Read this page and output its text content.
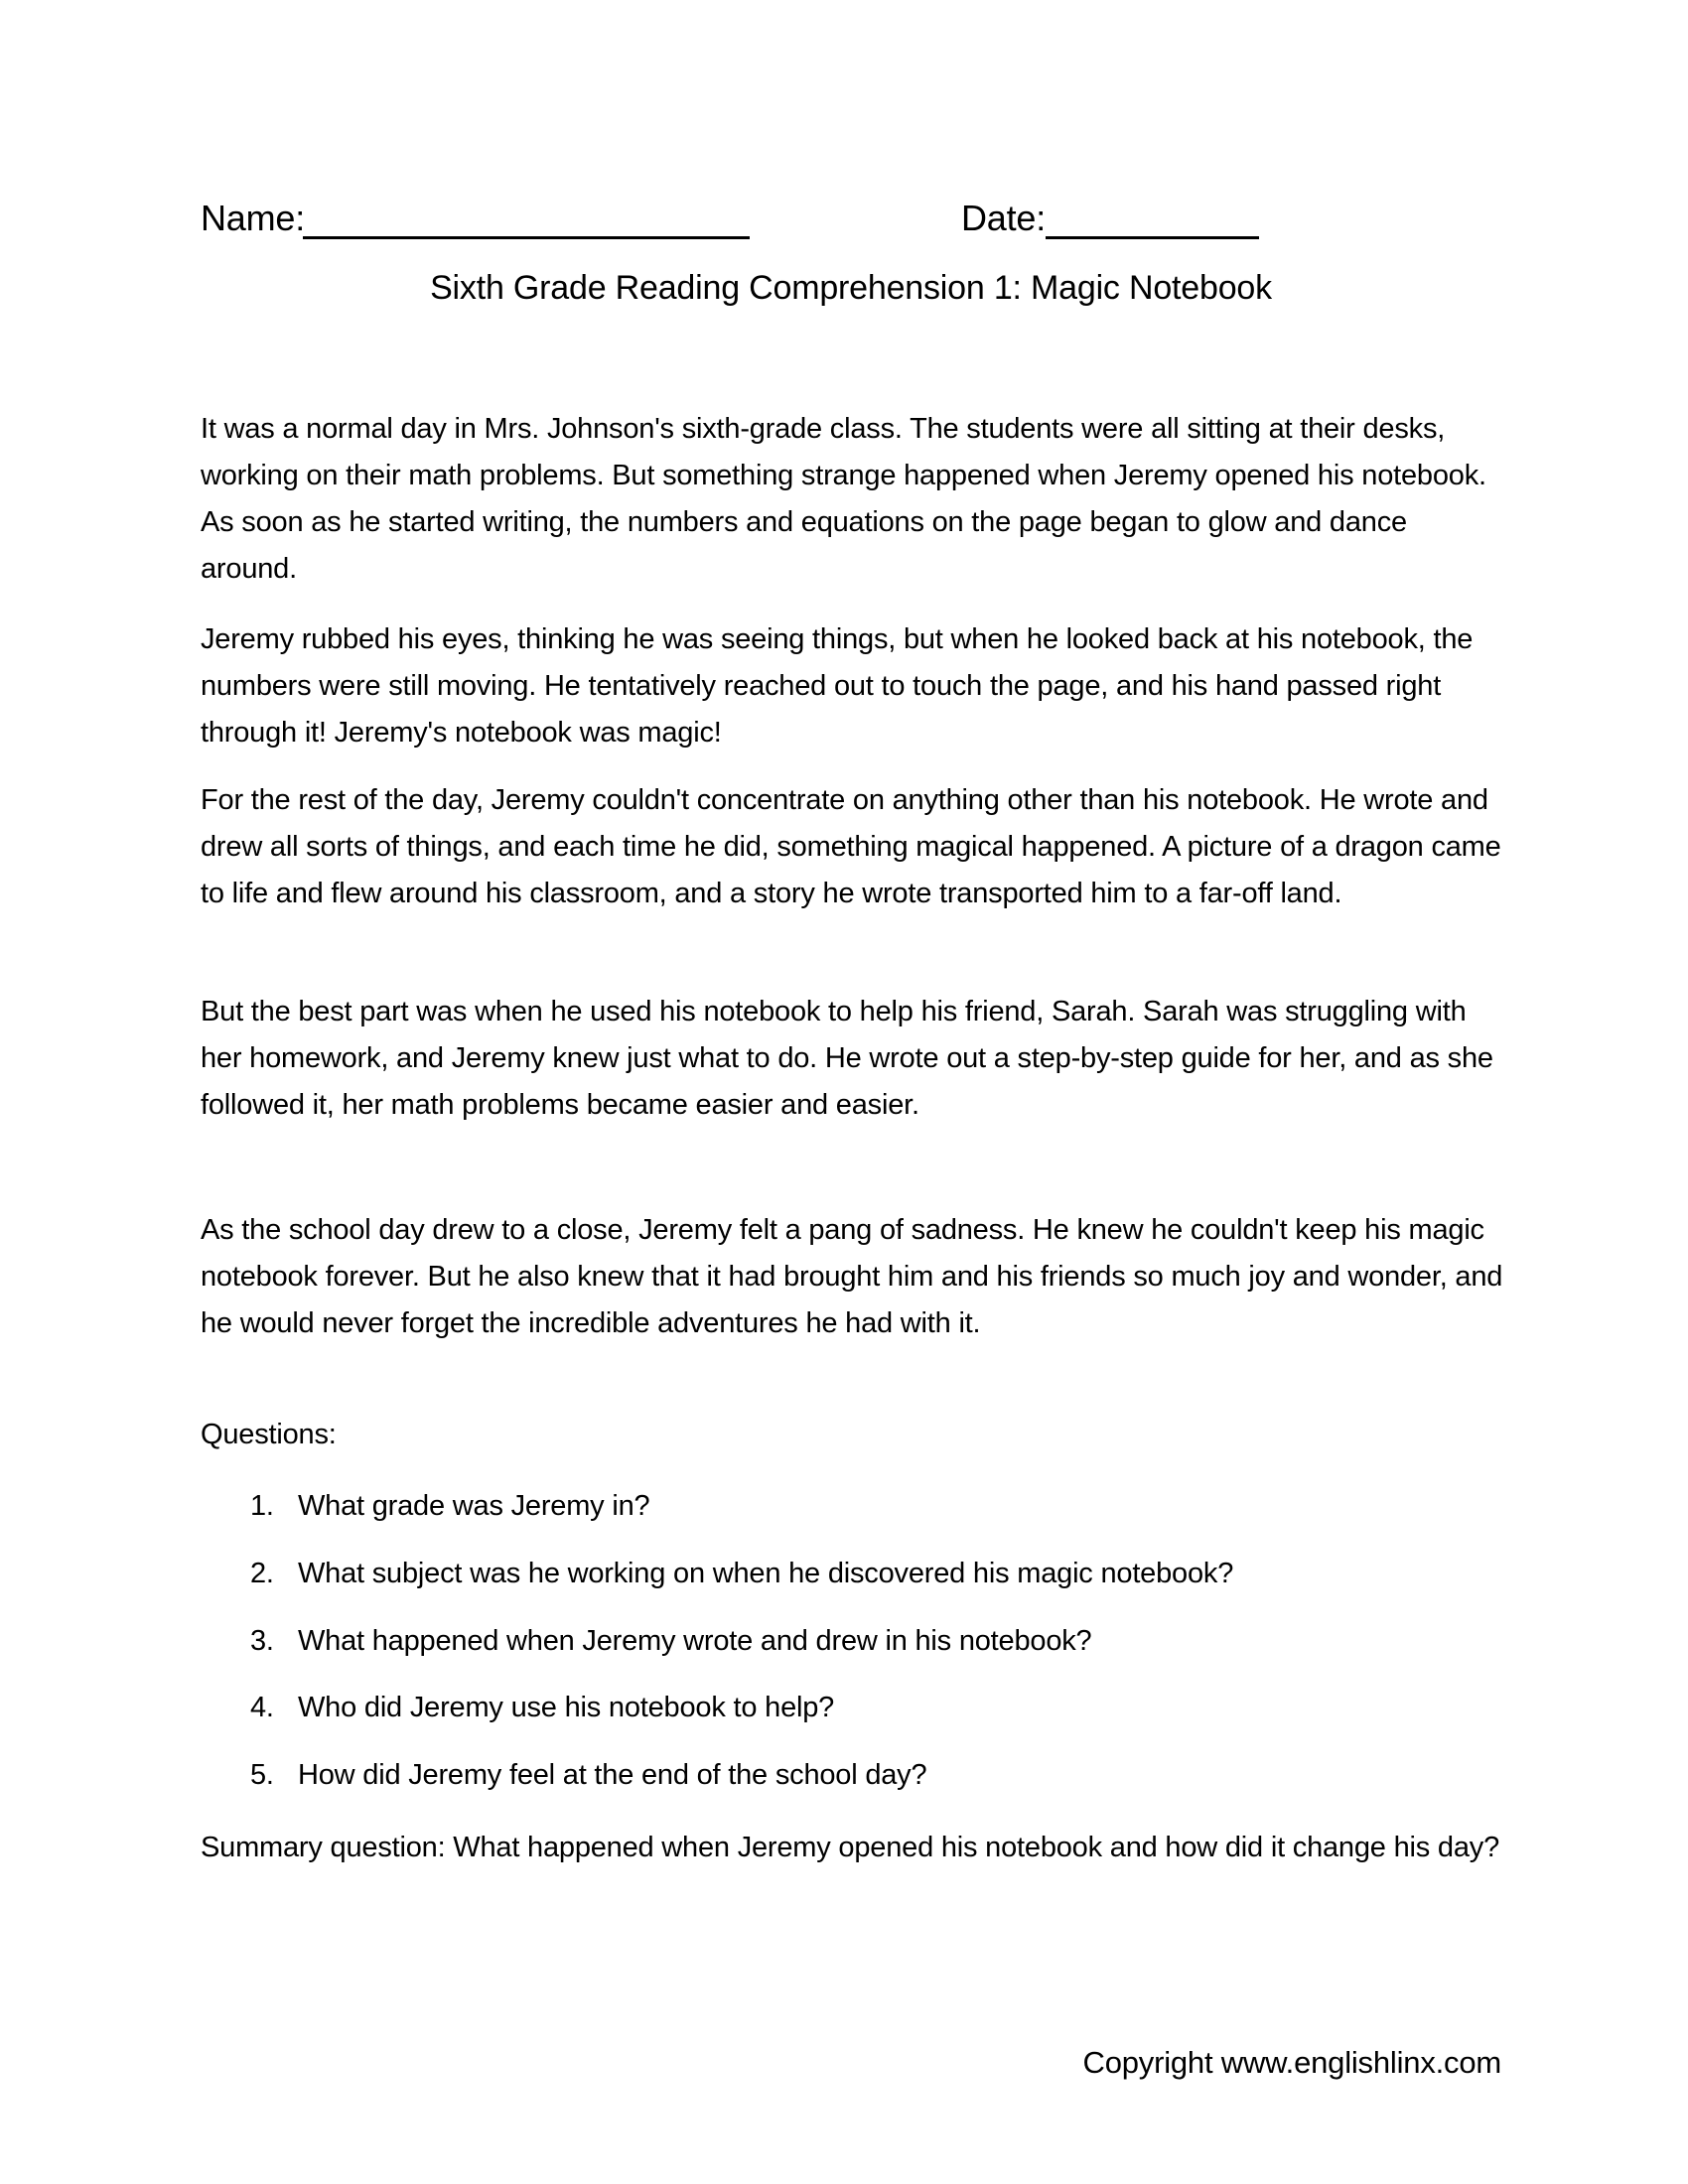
Name:	Date:
Sixth Grade Reading Comprehension 1: Magic Notebook
It was a normal day in Mrs. Johnson's sixth-grade class. The students were all sitting at their desks, working on their math problems. But something strange happened when Jeremy opened his notebook. As soon as he started writing, the numbers and equations on the page began to glow and dance around.
Jeremy rubbed his eyes, thinking he was seeing things, but when he looked back at his notebook, the numbers were still moving. He tentatively reached out to touch the page, and his hand passed right through it! Jeremy's notebook was magic!
For the rest of the day, Jeremy couldn't concentrate on anything other than his notebook. He wrote and drew all sorts of things, and each time he did, something magical happened. A picture of a dragon came to life and flew around his classroom, and a story he wrote transported him to a far-off land.
But the best part was when he used his notebook to help his friend, Sarah. Sarah was struggling with her homework, and Jeremy knew just what to do. He wrote out a step-by-step guide for her, and as she followed it, her math problems became easier and easier.
As the school day drew to a close, Jeremy felt a pang of sadness. He knew he couldn't keep his magic notebook forever. But he also knew that it had brought him and his friends so much joy and wonder, and he would never forget the incredible adventures he had with it.
Questions:
1. What grade was Jeremy in?
2. What subject was he working on when he discovered his magic notebook?
3. What happened when Jeremy wrote and drew in his notebook?
4. Who did Jeremy use his notebook to help?
5. How did Jeremy feel at the end of the school day?
Summary question: What happened when Jeremy opened his notebook and how did it change his day?
Copyright www.englishlinx.com
